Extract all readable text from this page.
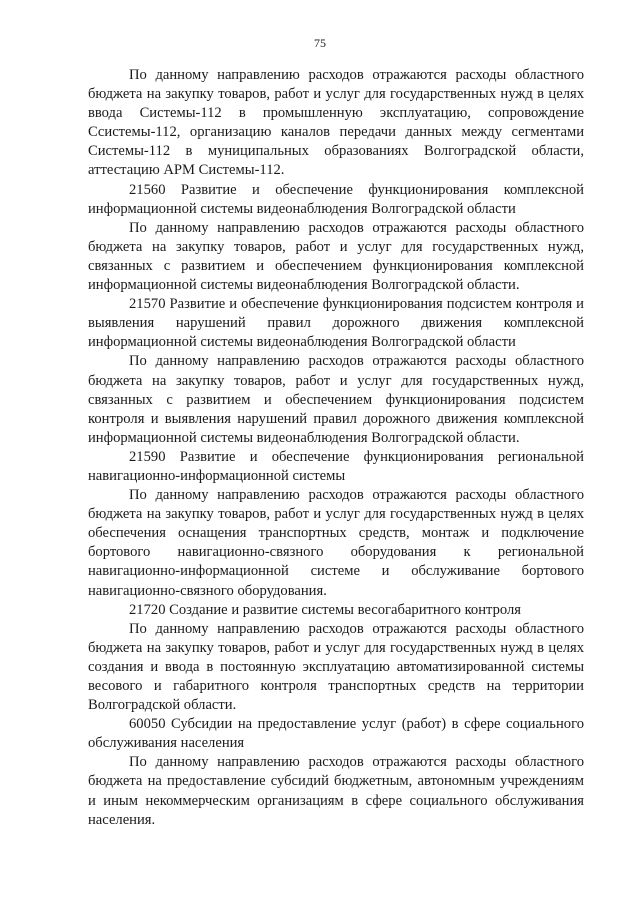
75

По данному направлению расходов отражаются расходы областного бюджета на закупку товаров, работ и услуг для государственных нужд в целях ввода Системы-112 в промышленную эксплуатацию, сопровождение Ссистемы-112, организацию каналов передачи данных между сегментами Системы-112 в муниципальных образованиях Волгоградской области, аттестацию АРМ Системы-112.

21560 Развитие и обеспечение функционирования комплексной информационной системы видеонаблюдения Волгоградской области

По данному направлению расходов отражаются расходы областного бюджета на закупку товаров, работ и услуг для государственных нужд, связанных с развитием и обеспечением функционирования комплексной информационной системы видеонаблюдения Волгоградской области.

21570 Развитие и обеспечение функционирования подсистем контроля и выявления нарушений правил дорожного движения комплексной информационной системы видеонаблюдения Волгоградской области

По данному направлению расходов отражаются расходы областного бюджета на закупку товаров, работ и услуг для государственных нужд, связанных с развитием и обеспечением функционирования подсистем контроля и выявления нарушений правил дорожного движения комплексной информационной системы видеонаблюдения Волгоградской области.

21590 Развитие и обеспечение функционирования региональной навигационно-информационной системы

По данному направлению расходов отражаются расходы областного бюджета на закупку товаров, работ и услуг для государственных нужд в целях обеспечения оснащения транспортных средств, монтаж и подключение бортового навигационно-связного оборудования к региональной навигационно-информационной системе и обслуживание бортового навигационно-связного оборудования.

21720 Создание и развитие системы весогабаритного контроля

По данному направлению расходов отражаются расходы областного бюджета на закупку товаров, работ и услуг для государственных нужд в целях создания и ввода в постоянную эксплуатацию автоматизированной системы весового и габаритного контроля транспортных средств на территории Волгоградской области.

60050 Субсидии на предоставление услуг (работ) в сфере социального обслуживания населения

По данному направлению расходов отражаются расходы областного бюджета на предоставление субсидий бюджетным, автономным учреждениям и иным некоммерческим организациям в сфере социального обслуживания населения.
